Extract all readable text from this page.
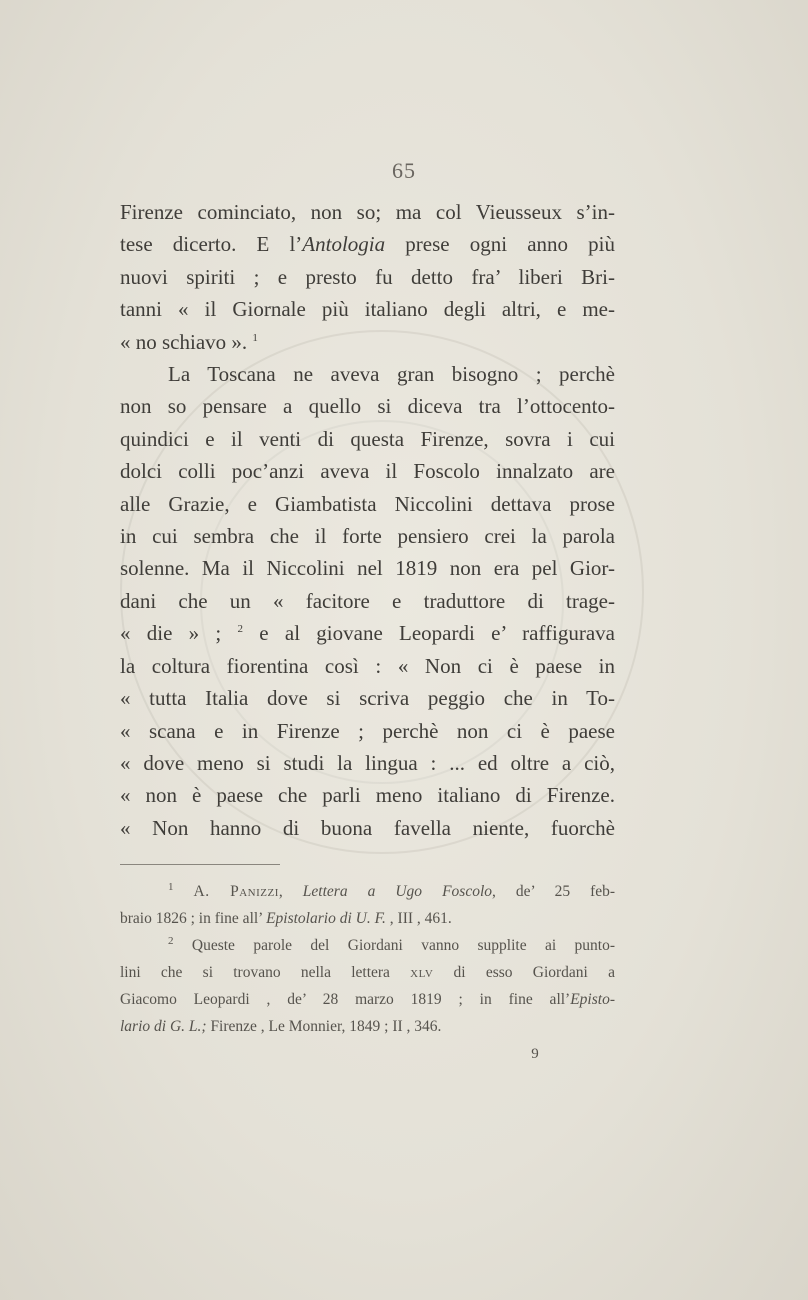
65
Firenze cominciato, non so; ma col Vieusseux s’in-
tese dicerto. E l’Antologia prese ogni anno più
nuovi spiriti ; e presto fu detto fra’ liberi Bri-
tanni « il Giornale più italiano degli altri, e me-
« no schiavo ». $^1$
La Toscana ne aveva gran bisogno ; perchè
non so pensare a quello si diceva tra l’ottocento-
quindici e il venti di questa Firenze, sovra i cui
dolci colli poc’anzi aveva il Foscolo innalzato are
alle Grazie, e Giambatista Niccolini dettava prose
in cui sembra che il forte pensiero crei la parola
solenne. Ma il Niccolini nel 1819 non era pel Gior-
dani che un « facitore e traduttore di trage-
« die » ; $^2$ e al giovane Leopardi e’ raffigurava
la coltura fiorentina così : « Non ci è paese in
« tutta Italia dove si scriva peggio che in To-
« scana e in Firenze ; perchè non ci è paese
« dove meno si studi la lingua : ... ed oltre a ciò,
« non è paese che parli meno italiano di Firenze.
« Non hanno di buona favella niente, fuorchè
$^1$ A. Panizzi, Lettera a Ugo Foscolo, de’ 25 feb-
braio 1826 ; in fine all’ Epistolario di U. F. , III , 461.
$^2$ Queste parole del Giordani vanno supplite ai punto-
lini che si trovano nella lettera xlv di esso Giordani a
Giacomo Leopardi , de’ 28 marzo 1819 ; in fine all’Episto-
lario di G. L.; Firenze , Le Monnier, 1849 ; II , 346.
9
